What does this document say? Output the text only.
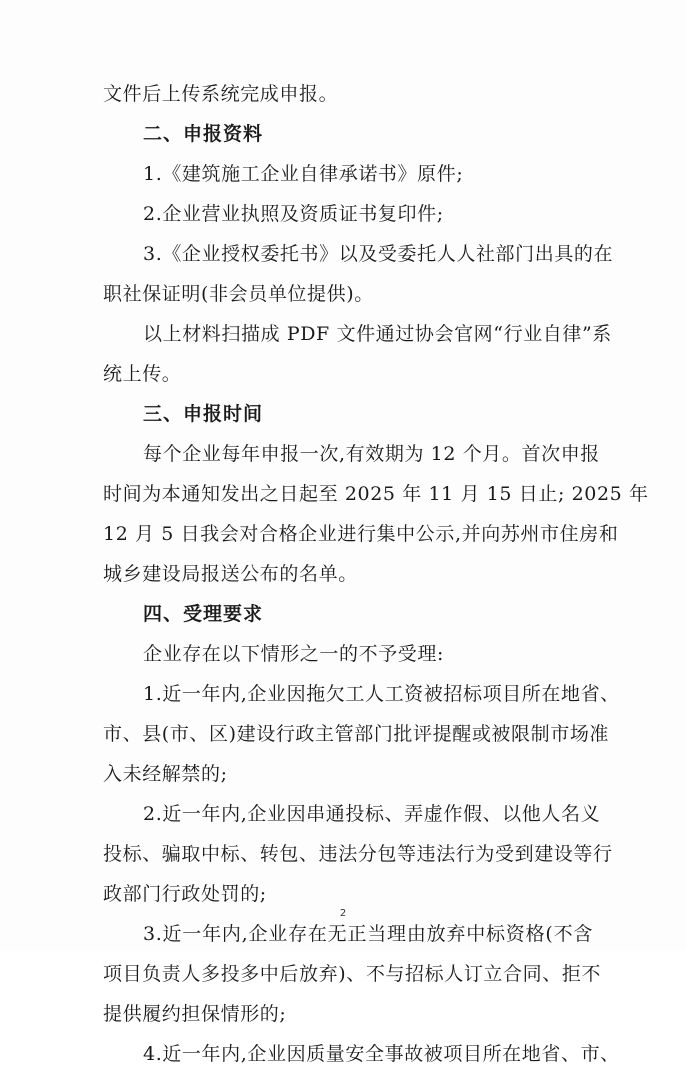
文件后上传系统完成申报。
二、申报资料
1.《建筑施工企业自律承诺书》原件;
2.企业营业执照及资质证书复印件;
3.《企业授权委托书》以及受委托人人社部门出具的在
职社保证明(非会员单位提供)。
以上材料扫描成 PDF 文件通过协会官网“行业自律”系
统上传。
三、申报时间
每个企业每年申报一次,有效期为 12 个月。首次申报
时间为本通知发出之日起至 2025 年 11 月 15 日止; 2025 年
12 月 5 日我会对合格企业进行集中公示,并向苏州市住房和
城乡建设局报送公布的名单。
四、受理要求
企业存在以下情形之一的不予受理:
1.近一年内,企业因拖欠工人工资被招标项目所在地省、
市、县(市、区)建设行政主管部门批评提醒或被限制市场准
入未经解禁的;
2.近一年内,企业因串通投标、弄虚作假、以他人名义
投标、骗取中标、转包、违法分包等违法行为受到建设等行
政部门行政处罚的;
3.近一年内,企业存在无正当理由放弃中标资格(不含
项目负责人多投多中后放弃)、不与招标人订立合同、拒不
提供履约担保情形的;
4.近一年内,企业因质量安全事故被项目所在地省、市、
2
